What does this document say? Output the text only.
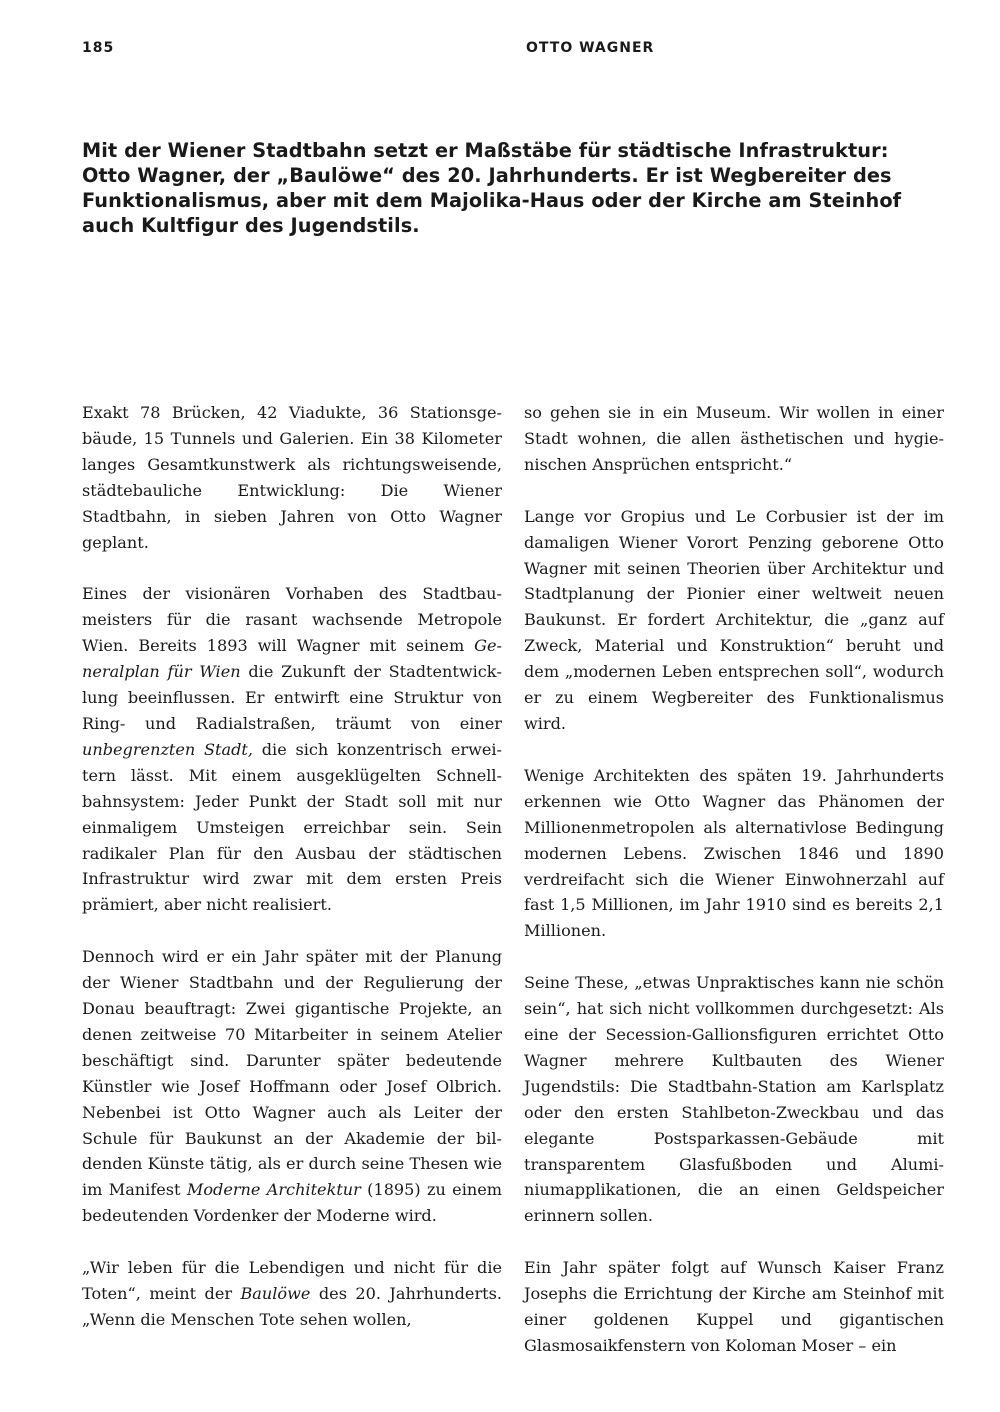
185	OTTO WAGNER

Mit der Wiener Stadtbahn setzt er Maßstäbe für städtische Infrastruktur: Otto Wagner, der „Baulöwe“ des 20. Jahrhunderts. Er ist Wegbereiter des Funktionalismus, aber mit dem Majolika-Haus oder der Kirche am Steinhof auch Kultfigur des Jugendstils.

Exakt 78 Brücken, 42 Viadukte, 36 Stationsgebäude, 15 Tunnels und Galerien. Ein 38 Kilometer langes Gesamtkunstwerk als richtungsweisende, städtebauliche Entwicklung: Die Wiener Stadtbahn, in sieben Jahren von Otto Wagner geplant.

Eines der visionären Vorhaben des Stadtbaumeisters für die rasant wachsende Metropole Wien. Bereits 1893 will Wagner mit seinem Generalplan für Wien die Zukunft der Stadtentwicklung beeinflussen. Er entwirft eine Struktur von Ring- und Radialstraßen, träumt von einer unbegrenzten Stadt, die sich konzentrisch erweitern lässt. Mit einem ausgeklügelten Schnellbahnsystem: Jeder Punkt der Stadt soll mit nur einmaligem Umsteigen erreichbar sein. Sein radikaler Plan für den Ausbau der städtischen Infrastruktur wird zwar mit dem ersten Preis prämiert, aber nicht realisiert.

Dennoch wird er ein Jahr später mit der Planung der Wiener Stadtbahn und der Regulierung der Donau beauftragt: Zwei gigantische Projekte, an denen zeitweise 70 Mitarbeiter in seinem Atelier beschäftigt sind. Darunter später bedeutende Künstler wie Josef Hoffmann oder Josef Olbrich. Nebenbei ist Otto Wagner auch als Leiter der Schule für Baukunst an der Akademie der bildenden Künste tätig, als er durch seine Thesen wie im Manifest Moderne Architektur (1895) zu einem bedeutenden Vordenker der Moderne wird.

„Wir leben für die Lebendigen und nicht für die Toten“, meint der Baulöwe des 20. Jahrhunderts. „Wenn die Menschen Tote sehen wollen,

so gehen sie in ein Museum. Wir wollen in einer Stadt wohnen, die allen ästhetischen und hygienischen Ansprüchen entspricht.“

Lange vor Gropius und Le Corbusier ist der im damaligen Wiener Vorort Penzing geborene Otto Wagner mit seinen Theorien über Architektur und Stadtplanung der Pionier einer weltweit neuen Baukunst. Er fordert Architektur, die „ganz auf Zweck, Material und Konstruktion“ beruht und dem „modernen Leben entsprechen soll“, wodurch er zu einem Wegbereiter des Funktionalismus wird.

Wenige Architekten des späten 19. Jahrhunderts erkennen wie Otto Wagner das Phänomen der Millionenmetropolen als alternativlose Bedingung modernen Lebens. Zwischen 1846 und 1890 verdreifacht sich die Wiener Einwohnerzahl auf fast 1,5 Millionen, im Jahr 1910 sind es bereits 2,1 Millionen.

Seine These, „etwas Unpraktisches kann nie schön sein“, hat sich nicht vollkommen durchgesetzt: Als eine der Secession-Gallionsfiguren errichtet Otto Wagner mehrere Kultbauten des Wiener Jugendstils: Die Stadtbahn-Station am Karlsplatz oder den ersten Stahlbeton-Zweckbau und das elegante Postsparkassen-Gebäude mit transparentem Glasfußboden und Aluminiumapplikationen, die an einen Geldspeicher erinnern sollen.

Ein Jahr später folgt auf Wunsch Kaiser Franz Josephs die Errichtung der Kirche am Steinhof mit einer goldenen Kuppel und gigantischen Glasmosaikfenstern von Koloman Moser – ein
